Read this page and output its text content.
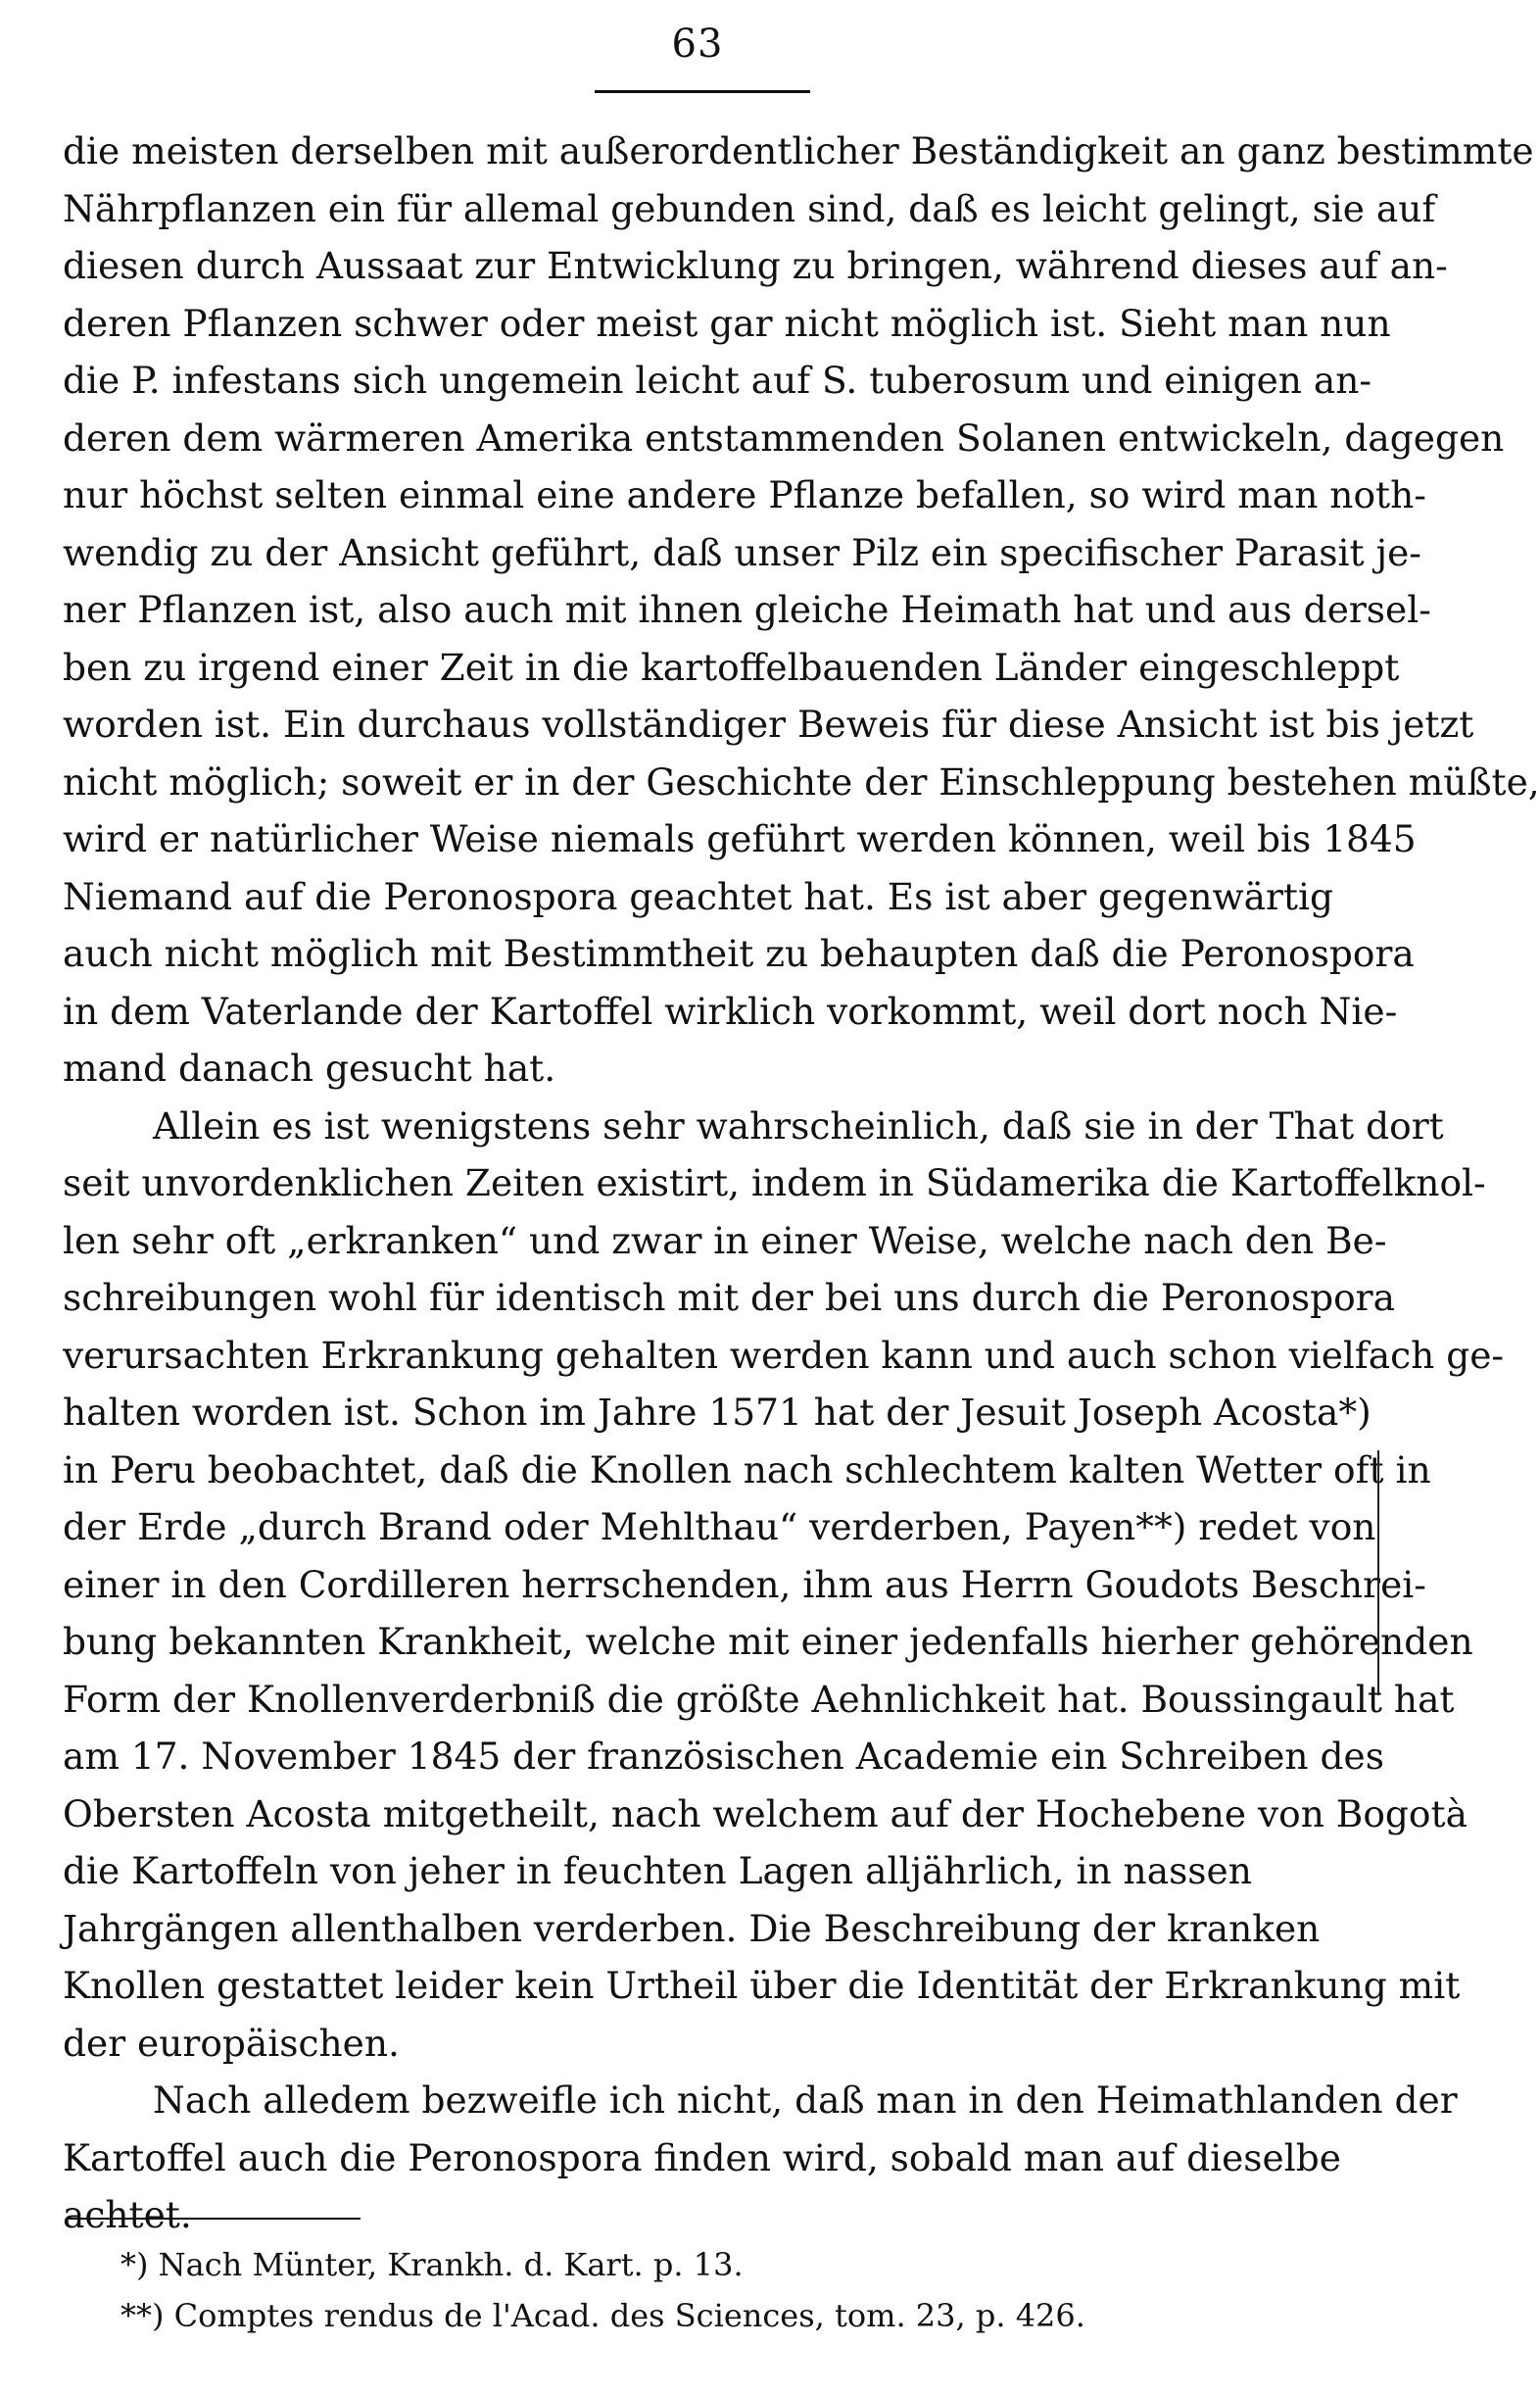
63

die meisten derselben mit außerordentlicher Beständigkeit an ganz bestimmte
Nährpflanzen ein für allemal gebunden sind, daß es leicht gelingt, sie auf
diesen durch Aussaat zur Entwicklung zu bringen, während dieses auf an-
deren Pflanzen schwer oder meist gar nicht möglich ist. Sieht man nun
die P. infestans sich ungemein leicht auf S. tuberosum und einigen an-
deren dem wärmeren Amerika entstammenden Solanen entwickeln, dagegen
nur höchst selten einmal eine andere Pflanze befallen, so wird man noth-
wendig zu der Ansicht geführt, daß unser Pilz ein specifischer Parasit je-
ner Pflanzen ist, also auch mit ihnen gleiche Heimath hat und aus dersel-
ben zu irgend einer Zeit in die kartoffelbauenden Länder eingeschleppt
worden ist. Ein durchaus vollständiger Beweis für diese Ansicht ist bis jetzt
nicht möglich; soweit er in der Geschichte der Einschleppung bestehen müßte,
wird er natürlicher Weise niemals geführt werden können, weil bis 1845
Niemand auf die Peronospora geachtet hat. Es ist aber gegenwärtig
auch nicht möglich mit Bestimmtheit zu behaupten daß die Peronospora
in dem Vaterlande der Kartoffel wirklich vorkommt, weil dort noch Nie-
mand danach gesucht hat.

Allein es ist wenigstens sehr wahrscheinlich, daß sie in der That dort
seit unvordenklichen Zeiten existirt, indem in Südamerika die Kartoffelknol-
len sehr oft „erkranken“ und zwar in einer Weise, welche nach den Be-
schreibungen wohl für identisch mit der bei uns durch die Peronospora
verursachten Erkrankung gehalten werden kann und auch schon vielfach ge-
halten worden ist. Schon im Jahre 1571 hat der Jesuit Joseph Acosta*)
in Peru beobachtet, daß die Knollen nach schlechtem kalten Wetter oft in
der Erde „durch Brand oder Mehlthau“ verderben, Payen**) redet von
einer in den Cordilleren herrschenden, ihm aus Herrn Goudots Beschrei-
bung bekannten Krankheit, welche mit einer jedenfalls hierher gehörenden
Form der Knollenverderbniß die größte Aehnlichkeit hat. Boussingault hat
am 17. November 1845 der französischen Academie ein Schreiben des
Obersten Acosta mitgetheilt, nach welchem auf der Hochebene von Bogotà
die Kartoffeln von jeher in feuchten Lagen alljährlich, in nassen
Jahrgängen allenthalben verderben. Die Beschreibung der kranken
Knollen gestattet leider kein Urtheil über die Identität der Erkrankung mit
der europäischen.

Nach alledem bezweifle ich nicht, daß man in den Heimathlanden der
Kartoffel auch die Peronospora finden wird, sobald man auf dieselbe
achtet.

*) Nach Münter, Krankh. d. Kart. p. 13.
**) Comptes rendus de l'Acad. des Sciences, tom. 23, p. 426.
